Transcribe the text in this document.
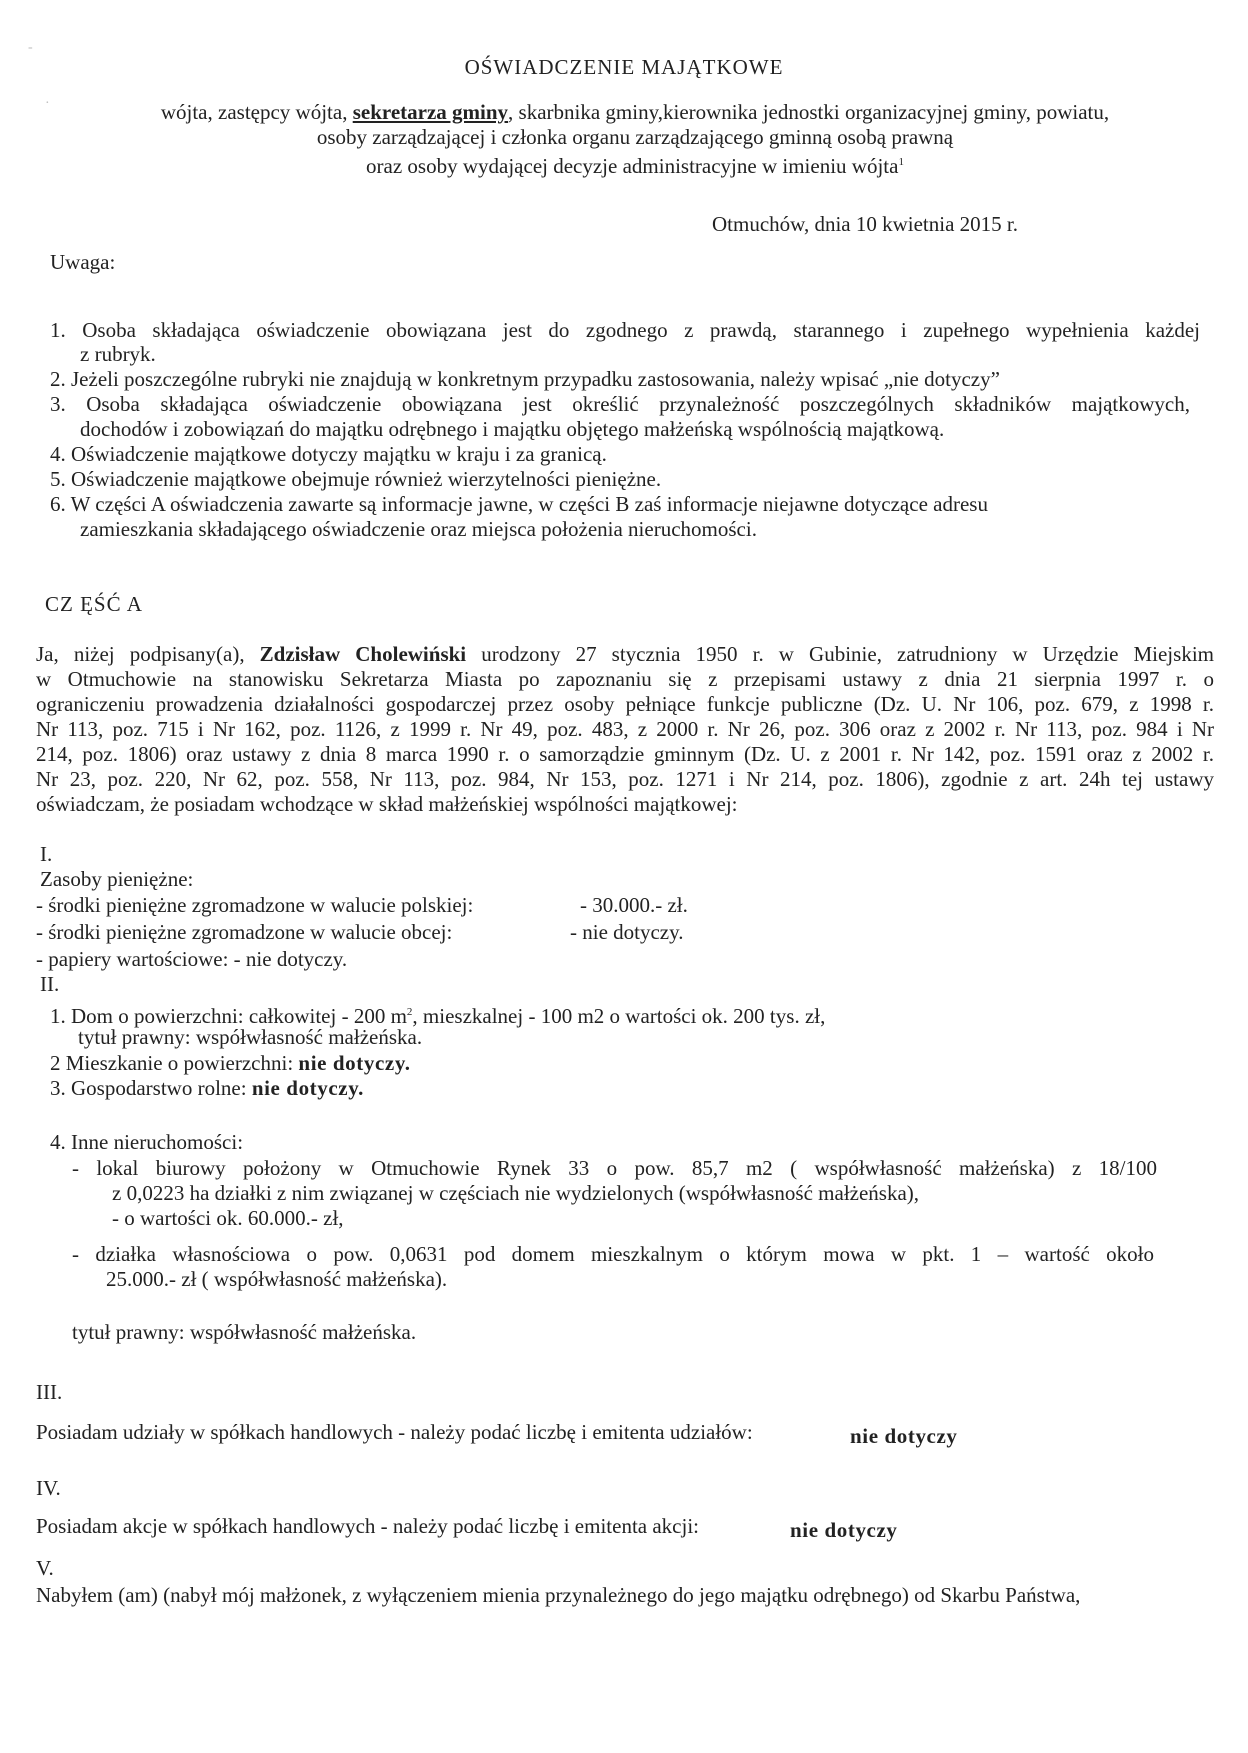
-
·
OŚWIADCZENIE MAJĄTKOWE
wójta, zastępcy wójta, sekretarza gminy, skarbnika gminy,kierownika jednostki organizacyjnej gminy, powiatu,
osoby zarządzającej i członka organu zarządzającego gminną osobą prawną
oraz osoby wydającej decyzje administracyjne w imieniu wójta$^1$
Otmuchów, dnia 10 kwietnia 2015 r.
Uwaga:
1. Osoba składająca oświadczenie obowiązana jest do zgodnego z prawdą, starannego i zupełnego wypełnienia każdej
z rubryk.
2. Jeżeli poszczególne rubryki nie znajdują w konkretnym przypadku zastosowania, należy wpisać „nie dotyczy”
3. Osoba składająca oświadczenie obowiązana jest określić przynależność poszczególnych składników majątkowych,
dochodów i zobowiązań do majątku odrębnego i majątku objętego małżeńską wspólnością majątkową.
4. Oświadczenie majątkowe dotyczy majątku w kraju i za granicą.
5. Oświadczenie majątkowe obejmuje również wierzytelności pieniężne.
6. W części A oświadczenia zawarte są informacje jawne, w części B zaś informacje niejawne dotyczące adresu
zamieszkania składającego oświadczenie oraz miejsca położenia nieruchomości.
CZ ĘŚĆ A
Ja, niżej podpisany(a), Zdzisław Cholewiński urodzony 27 stycznia 1950 r. w Gubinie, zatrudniony w Urzędzie Miejskim
w Otmuchowie na stanowisku Sekretarza Miasta po zapoznaniu się z przepisami ustawy z dnia 21 sierpnia 1997 r. o
ograniczeniu prowadzenia działalności gospodarczej przez osoby pełniące funkcje publiczne (Dz. U. Nr 106, poz. 679, z 1998 r.
Nr 113, poz. 715 i Nr 162, poz. 1126, z 1999 r. Nr 49, poz. 483, z 2000 r. Nr 26, poz. 306 oraz z 2002 r. Nr 113, poz. 984 i Nr
214, poz. 1806) oraz ustawy z dnia 8 marca 1990 r. o samorządzie gminnym (Dz. U. z 2001 r. Nr 142, poz. 1591 oraz z 2002 r.
Nr 23, poz. 220, Nr 62, poz. 558, Nr 113, poz. 984, Nr 153, poz. 1271 i Nr 214, poz. 1806), zgodnie z art. 24h tej ustawy
oświadczam, że posiadam wchodzące w skład małżeńskiej wspólności majątkowej:
I.
Zasoby pieniężne:
- środki pieniężne zgromadzone w walucie polskiej:	- 30.000.- zł.
- środki pieniężne zgromadzone w walucie obcej:	- nie dotyczy.
- papiery wartościowe: - nie dotyczy.
II.
1. Dom o powierzchni: całkowitej - 200 $m^2$, mieszkalnej - 100 m2 o wartości ok. 200 tys. zł,
tytuł prawny: współwłasność małżeńska.
2 Mieszkanie o powierzchni: nie dotyczy.
3. Gospodarstwo rolne: nie dotyczy.
4. Inne nieruchomości:
- lokal biurowy położony w Otmuchowie Rynek 33 o pow. 85,7 m2 ( współwłasność małżeńska) z 18/100
z 0,0223 ha działki z nim związanej w częściach nie wydzielonych (współwłasność małżeńska),
- o wartości ok. 60.000.- zł,
- działka własnościowa o pow. 0,0631 pod domem mieszkalnym o którym mowa w pkt. 1 – wartość około
25.000.- zł ( współwłasność małżeńska).
tytuł prawny: współwłasność małżeńska.
III.
Posiadam udziały w spółkach handlowych - należy podać liczbę i emitenta udziałów:	nie dotyczy
IV.
Posiadam akcje w spółkach handlowych - należy podać liczbę i emitenta akcji:	nie dotyczy
V.
Nabyłem (am) (nabył mój małżonek, z wyłączeniem mienia przynależnego do jego majątku odrębnego) od Skarbu Państwa,
